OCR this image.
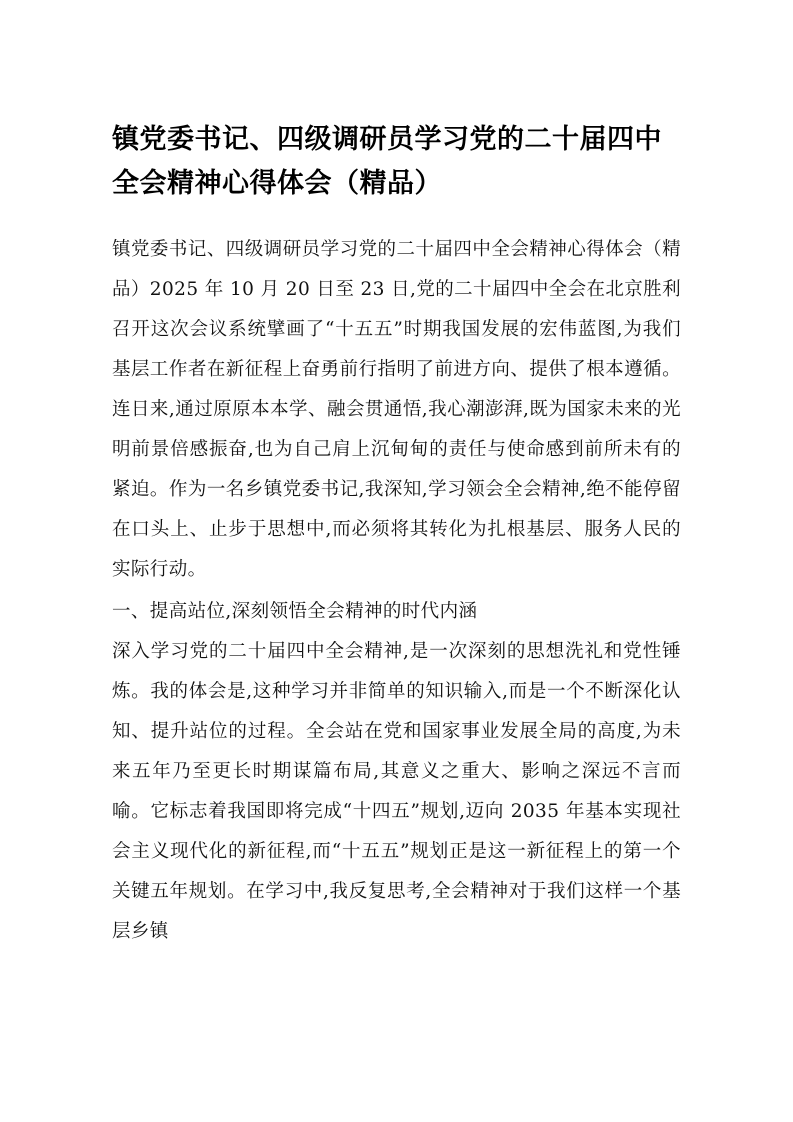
镇党委书记、四级调研员学习党的二十届四中全会精神心得体会（精品）

镇党委书记、四级调研员学习党的二十届四中全会精神心得体会（精品）2025 年 10 月 20 日至 23 日,党的二十届四中全会在北京胜利召开这次会议系统擘画了“十五五”时期我国发展的宏伟蓝图,为我们基层工作者在新征程上奋勇前行指明了前进方向、提供了根本遵循。连日来,通过原原本本学、融会贯通悟,我心潮澎湃,既为国家未来的光明前景倍感振奋,也为自己肩上沉甸甸的责任与使命感到前所未有的紧迫。作为一名乡镇党委书记,我深知,学习领会全会精神,绝不能停留在口头上、止步于思想中,而必须将其转化为扎根基层、服务人民的实际行动。

一、提高站位,深刻领悟全会精神的时代内涵

深入学习党的二十届四中全会精神,是一次深刻的思想洗礼和党性锤炼。我的体会是,这种学习并非简单的知识输入,而是一个不断深化认知、提升站位的过程。全会站在党和国家事业发展全局的高度,为未来五年乃至更长时期谋篇布局,其意义之重大、影响之深远不言而喻。它标志着我国即将完成“十四五”规划,迈向 2035 年基本实现社会主义现代化的新征程,而“十五五”规划正是这一新征程上的第一个关键五年规划。在学习中,我反复思考,全会精神对于我们这样一个基层乡镇
